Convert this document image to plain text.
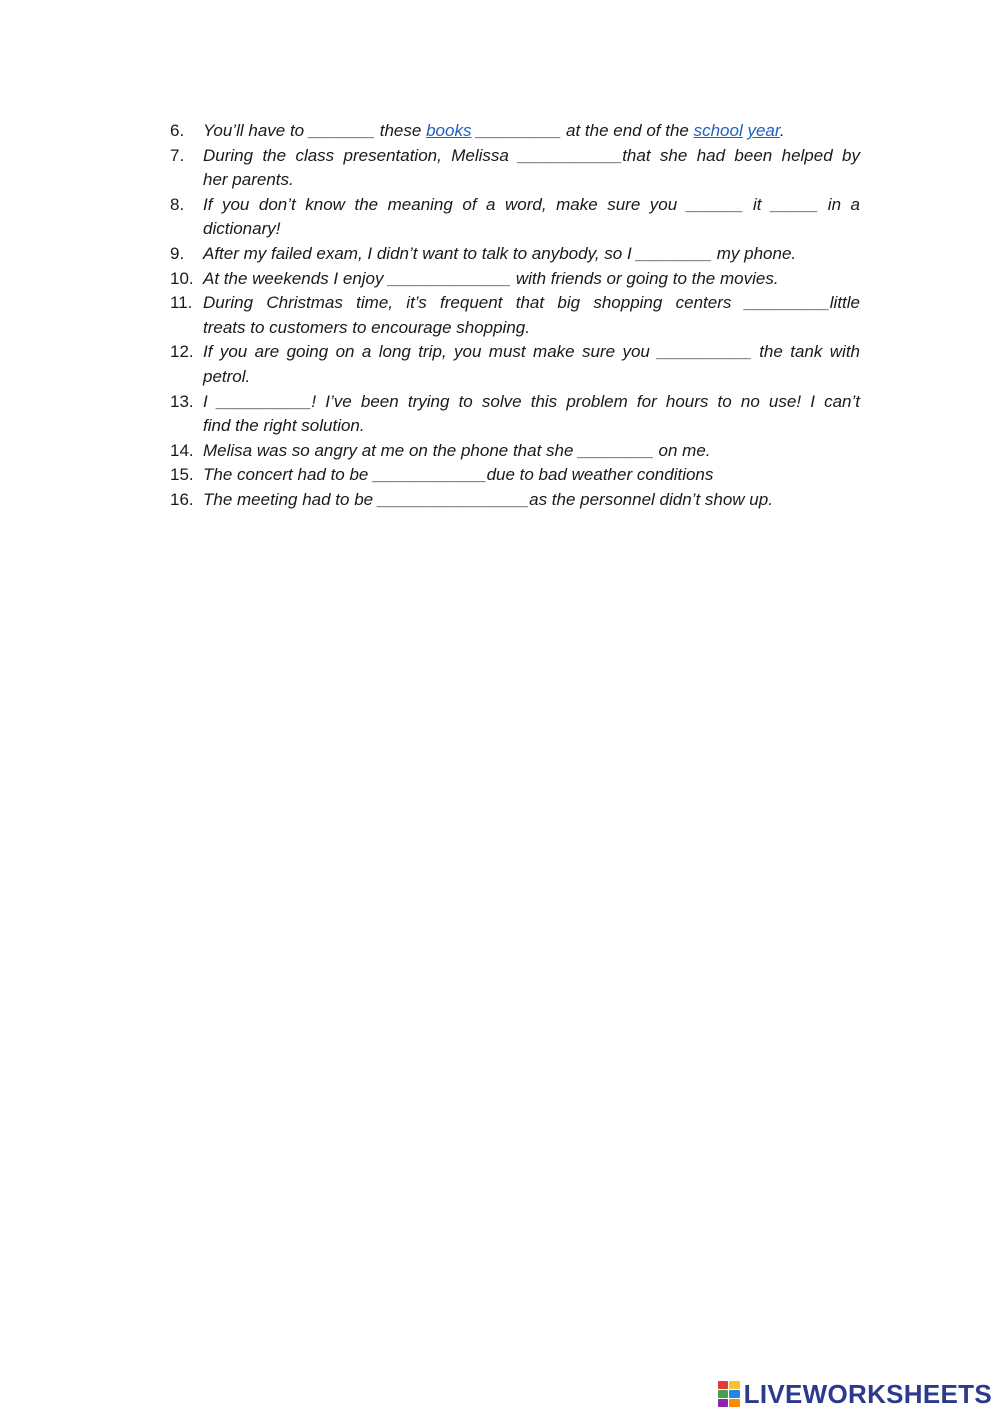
6. You’ll have to _______ these books _________ at the end of the school year.
7. During the class presentation, Melissa ___________that she had been helped by
her parents.
8. If you don’t know the meaning of a word, make sure you ______ it _____ in a
dictionary!
9. After my failed exam, I didn’t want to talk to anybody, so I ________ my phone.
10. At the weekends I enjoy _____________ with friends or going to the movies.
11. During Christmas time, it’s frequent that big shopping centers _________little
treats to customers to encourage shopping.
12. If you are going on a long trip, you must make sure you __________ the tank with
petrol.
13. I __________! I’ve been trying to solve this problem for hours to no use! I can’t
find the right solution.
14. Melisa was so angry at me on the phone that she ________ on me.
15. The concert had to be ____________due to bad weather conditions
16. The meeting had to be ________________as the personnel didn’t show up.
LIVEWORKSHEETS
